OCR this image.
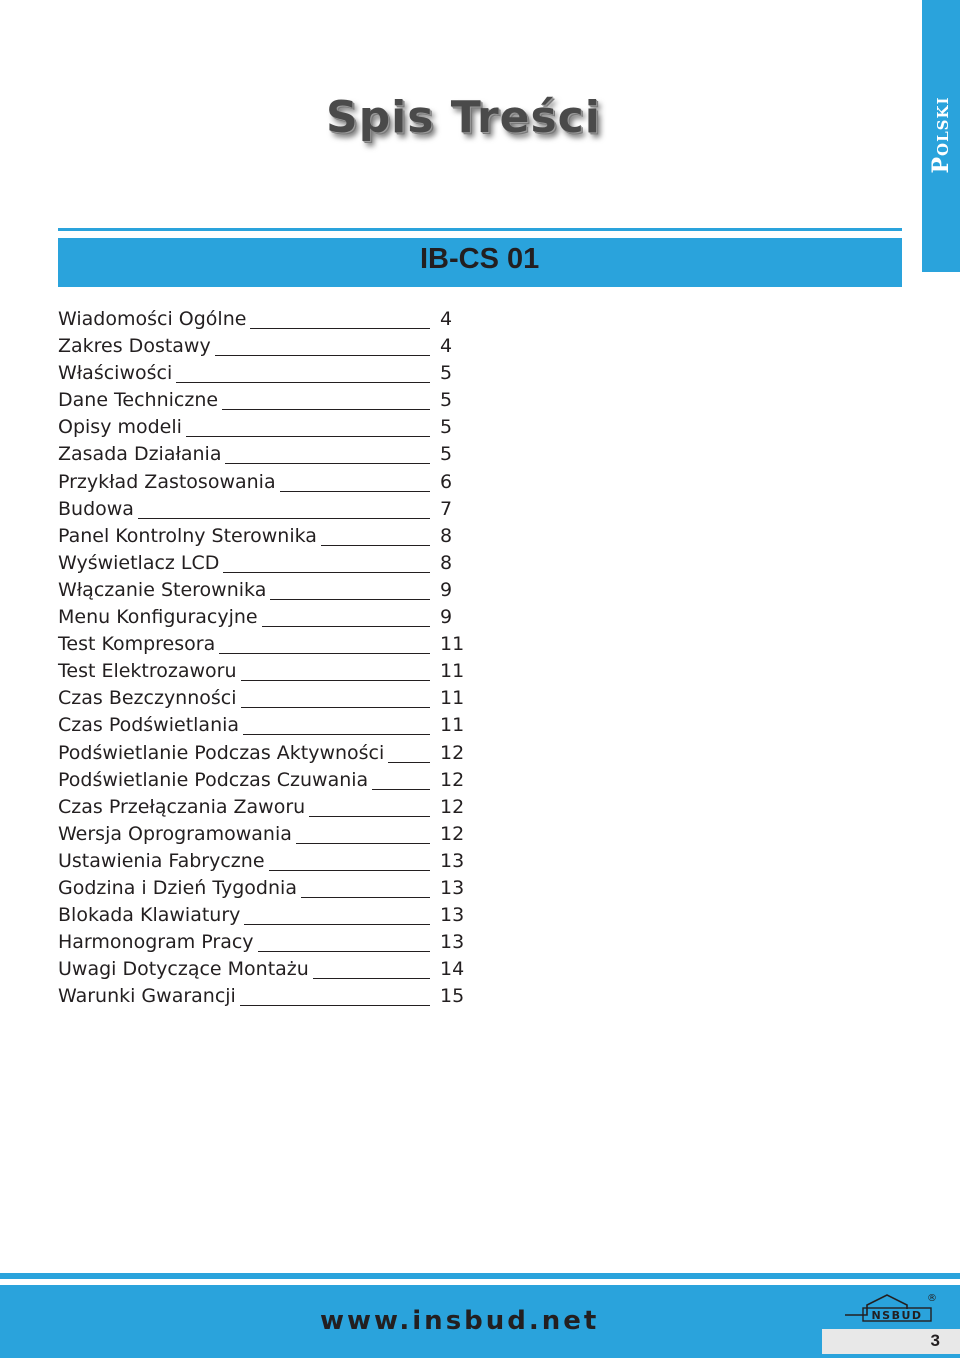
Polski
Spis Treści
IB-CS 01
Wiadomości Ogólne	4
Zakres Dostawy	4
Właściwości	5
Dane Techniczne	5
Opisy modeli	5
Zasada Działania	5
Przykład Zastosowania	6
Budowa	7
Panel Kontrolny Sterownika	8
Wyświetlacz LCD	8
Włączanie Sterownika	9
Menu Konfiguracyjne	9
Test Kompresora	11
Test Elektrozaworu	11
Czas Bezczynności	11
Czas Podświetlania	11
Podświetlanie Podczas Aktywności	12
Podświetlanie Podczas Czuwania	12
Czas Przełączania Zaworu	12
Wersja Oprogramowania	12
Ustawienia Fabryczne	13
Godzina i Dzień Tygodnia	13
Blokada Klawiatury	13
Harmonogram Pracy	13
Uwagi Dotyczące Montażu	14
Warunki Gwarancji	15
www.insbud.net	NSBUD
®
3
